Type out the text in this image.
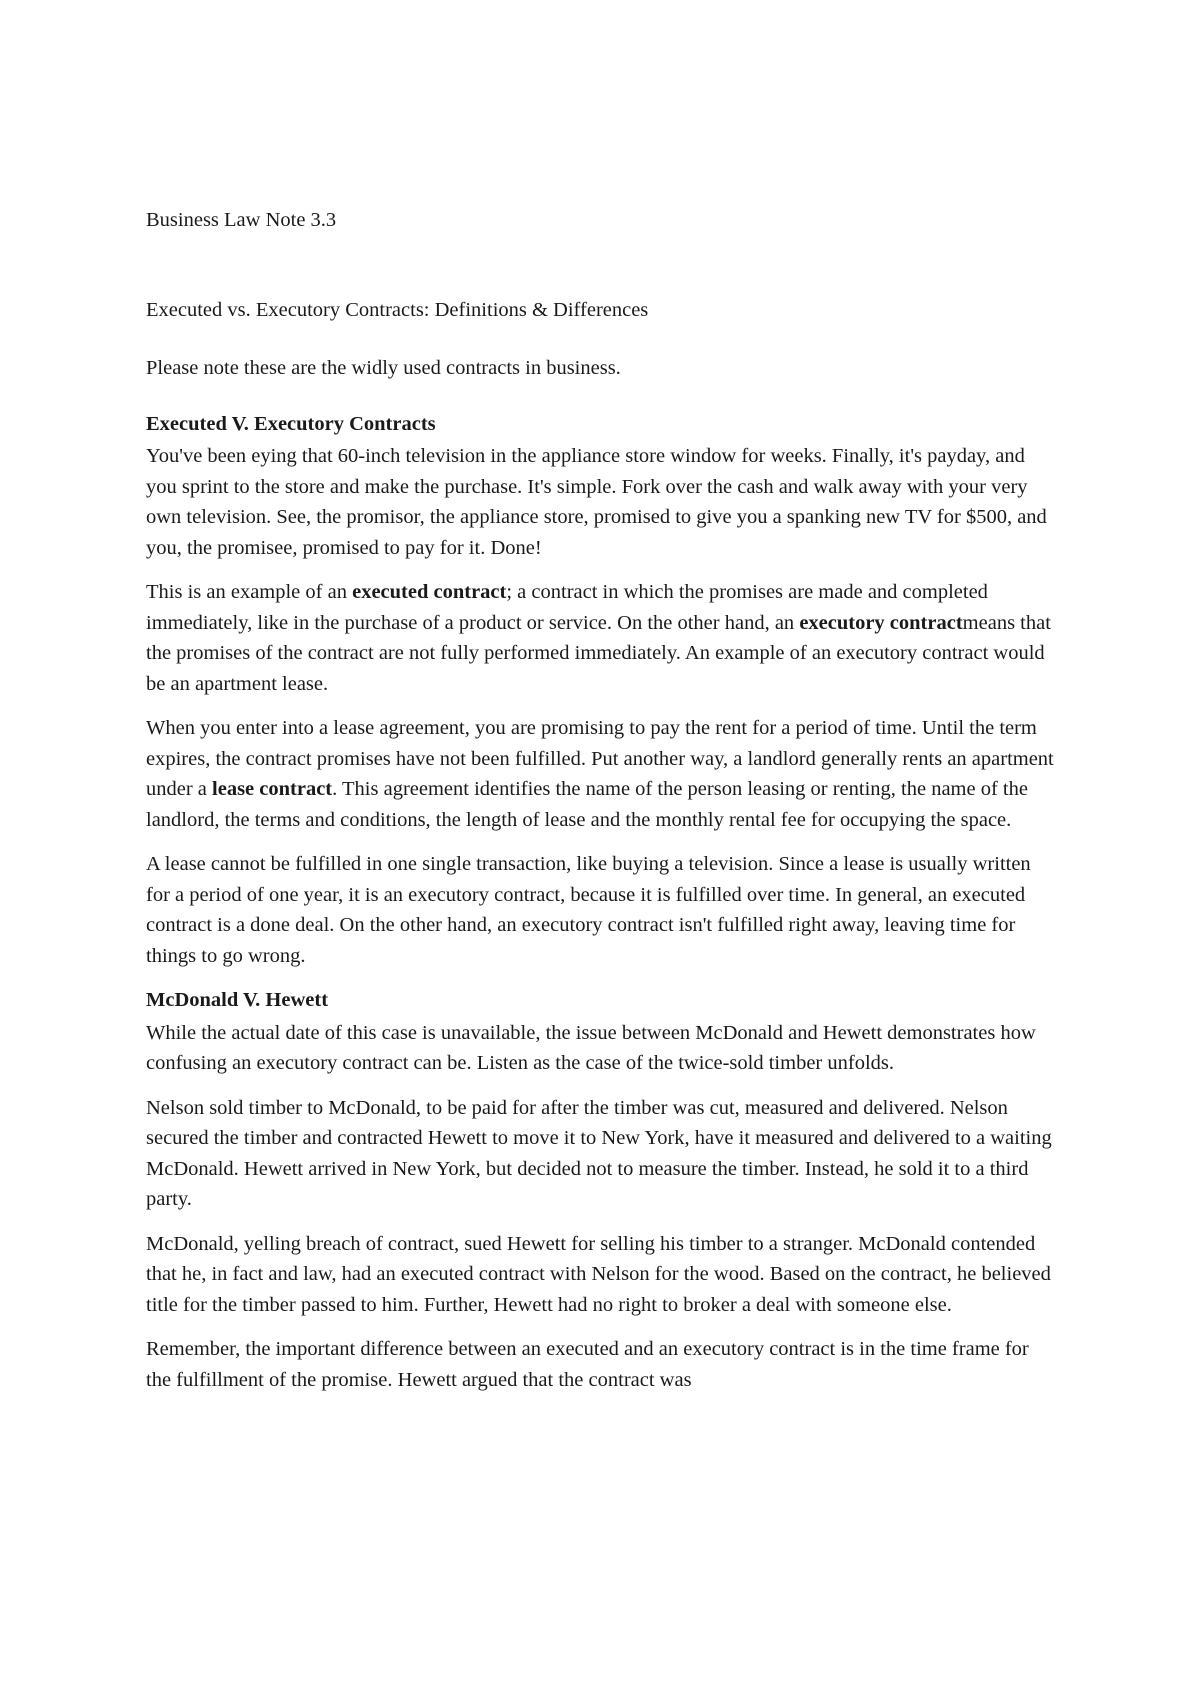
Business Law Note 3.3
Executed vs. Executory Contracts: Definitions & Differences
Please note these are the widly used contracts in business.
Executed V. Executory Contracts

You've been eying that 60-inch television in the appliance store window for weeks. Finally, it's payday, and you sprint to the store and make the purchase. It's simple. Fork over the cash and walk away with your very own television. See, the promisor, the appliance store, promised to give you a spanking new TV for $500, and you, the promisee, promised to pay for it. Done!

This is an example of an executed contract; a contract in which the promises are made and completed immediately, like in the purchase of a product or service. On the other hand, an executory contractmeans that the promises of the contract are not fully performed immediately. An example of an executory contract would be an apartment lease.

When you enter into a lease agreement, you are promising to pay the rent for a period of time. Until the term expires, the contract promises have not been fulfilled. Put another way, a landlord generally rents an apartment under a lease contract. This agreement identifies the name of the person leasing or renting, the name of the landlord, the terms and conditions, the length of lease and the monthly rental fee for occupying the space.

A lease cannot be fulfilled in one single transaction, like buying a television. Since a lease is usually written for a period of one year, it is an executory contract, because it is fulfilled over time. In general, an executed contract is a done deal. On the other hand, an executory contract isn't fulfilled right away, leaving time for things to go wrong.

McDonald V. Hewett

While the actual date of this case is unavailable, the issue between McDonald and Hewett demonstrates how confusing an executory contract can be. Listen as the case of the twice-sold timber unfolds.

Nelson sold timber to McDonald, to be paid for after the timber was cut, measured and delivered. Nelson secured the timber and contracted Hewett to move it to New York, have it measured and delivered to a waiting McDonald. Hewett arrived in New York, but decided not to measure the timber. Instead, he sold it to a third party.

McDonald, yelling breach of contract, sued Hewett for selling his timber to a stranger. McDonald contended that he, in fact and law, had an executed contract with Nelson for the wood. Based on the contract, he believed title for the timber passed to him. Further, Hewett had no right to broker a deal with someone else.

Remember, the important difference between an executed and an executory contract is in the time frame for the fulfillment of the promise. Hewett argued that the contract was
